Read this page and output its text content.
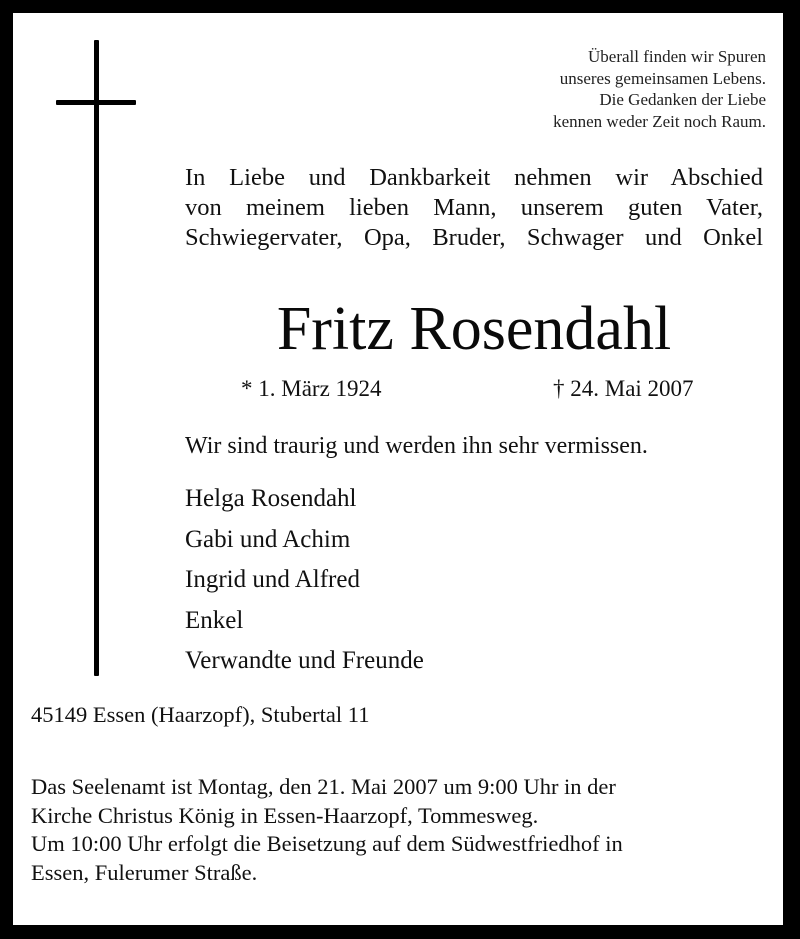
Überall finden wir Spuren
unseres gemeinsamen Lebens.
Die Gedanken der Liebe
kennen weder Zeit noch Raum.
In Liebe und Dankbarkeit nehmen wir Abschied
von meinem lieben Mann, unserem guten Vater,
Schwiegervater, Opa, Bruder, Schwager und Onkel
Fritz Rosendahl
* 1. März 1924	† 24. Mai 2007
Wir sind traurig und werden ihn sehr vermissen.
Helga Rosendahl
Gabi und Achim
Ingrid und Alfred
Enkel
Verwandte und Freunde
45149 Essen (Haarzopf), Stubertal 11
Das Seelenamt ist Montag, den 21. Mai 2007 um 9:00 Uhr in der
Kirche Christus König in Essen-Haarzopf, Tommesweg.
Um 10:00 Uhr erfolgt die Beisetzung auf dem Südwestfriedhof in
Essen, Fulerumer Straße.
